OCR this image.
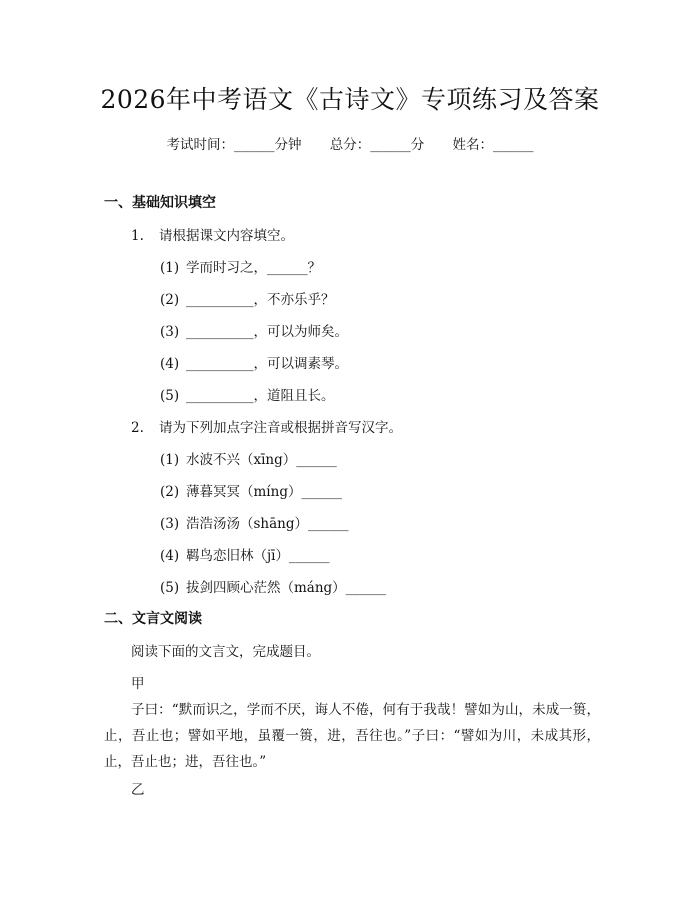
2026年中考语文《古诗文》专项练习及答案
考试时间：______分钟 总分：______分 姓名：______
一、基础知识填空
1. 请根据课文内容填空。
(1) 学而时习之，______？
(2) __________，不亦乐乎？
(3) __________，可以为师矣。
(4) __________，可以调素琴。
(5) __________，道阻且长。
2. 请为下列加点字注音或根据拼音写汉字。
(1) 水波不兴（xīng）______
(2) 薄暮冥冥（míng）______
(3) 浩浩汤汤（shāng）______
(4) 羁鸟恋旧林（jī）______
(5) 拔剑四顾心茫然（máng）______
二、文言文阅读
阅读下面的文言文，完成题目。
甲
子曰：“默而识之，学而不厌，诲人不倦，何有于我哉！譬如为山，未成一篑，止，吾止也；譬如平地，虽覆一篑，进，吾往也。”子曰：“譬如为川，未成其形，止，吾止也；进，吾往也。”
乙
